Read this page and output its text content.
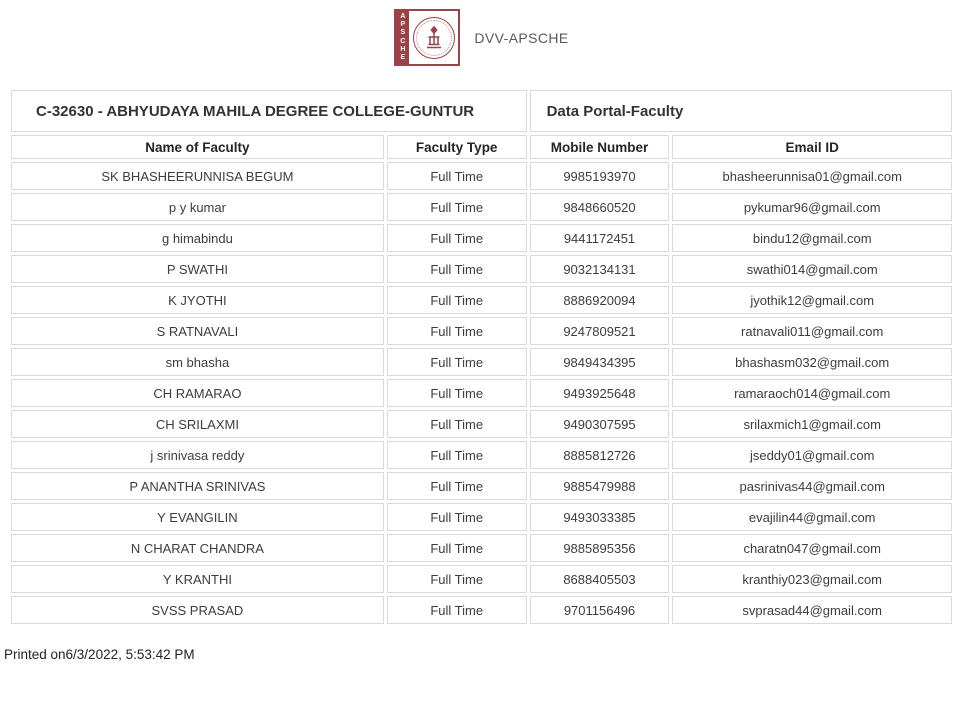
APSCHE
DVV-APSCHE
C-32630 - ABHYUDAYA MAHILA DEGREE COLLEGE-GUNTUR		Data Portal-Faculty	
Name of Faculty	Faculty Type	Mobile Number	Email ID
SK BHASHEERUNNISA BEGUM	Full Time	9985193970	bhasheerunnisa01@gmail.com
p y kumar	Full Time	9848660520	pykumar96@gmail.com
g himabindu	Full Time	9441172451	bindu12@gmail.com
P SWATHI	Full Time	9032134131	swathi014@gmail.com
K JYOTHI	Full Time	8886920094	jyothik12@gmail.com
S RATNAVALI	Full Time	9247809521	ratnavali011@gmail.com
sm bhasha	Full Time	9849434395	bhashasm032@gmail.com
CH RAMARAO	Full Time	9493925648	ramaraoch014@gmail.com
CH SRILAXMI	Full Time	9490307595	srilaxmich1@gmail.com
j srinivasa reddy	Full Time	8885812726	jseddy01@gmail.com
P ANANTHA SRINIVAS	Full Time	9885479988	pasrinivas44@gmail.com
Y EVANGILIN	Full Time	9493033385	evajilin44@gmail.com
N CHARAT CHANDRA	Full Time	9885895356	charatn047@gmail.com
Y KRANTHI	Full Time	8688405503	kranthiy023@gmail.com
SVSS PRASAD	Full Time	9701156496	svprasad44@gmail.com
Printed on6/3/2022, 5:53:42 PM
